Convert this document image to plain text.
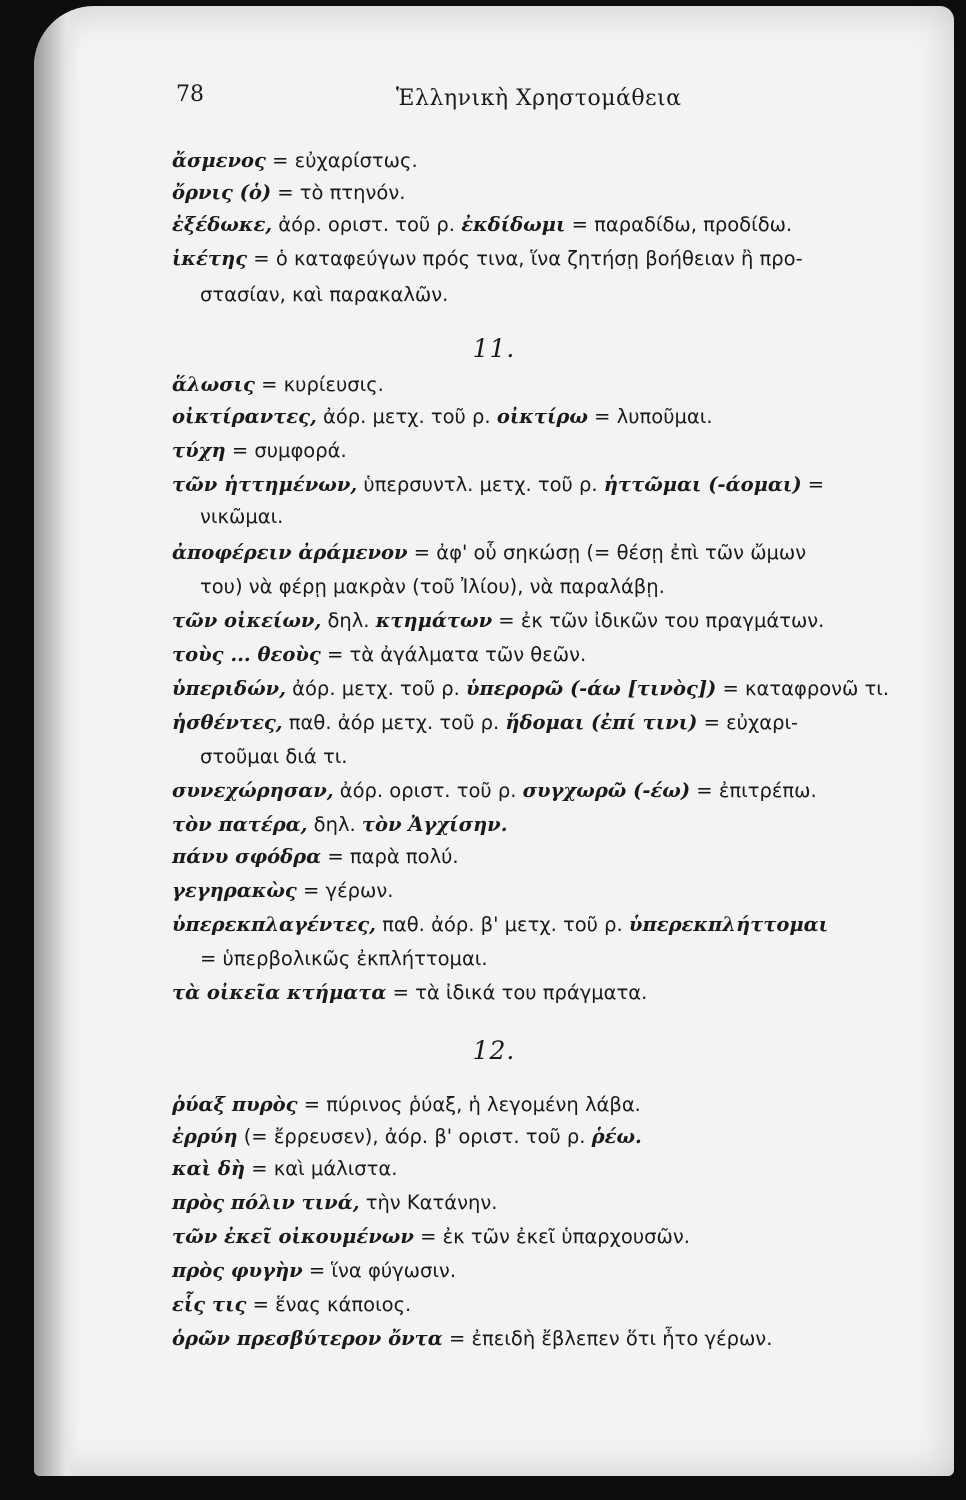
78	Ἑλληνικὴ Χρηστομάθεια
ἄσμενος = εὐχαρίστως.
ὄρνις (ὁ) = τὸ πτηνόν.
ἐξέδωκε, ἀόρ. οριστ. τοῦ ρ. ἐκδίδωμι = παραδίδω, προδίδω.
ἱκέτης = ὁ καταφεύγων πρός τινα, ἵνα ζητήσῃ βοήθειαν ἢ προ-
στασίαν, καὶ παρακαλῶν.
11.
ἅλωσις = κυρίευσις.
οἰκτίραντες, ἀόρ. μετχ. τοῦ ρ. οἰκτίρω = λυποῦμαι.
τύχη = συμφορά.
τῶν ἡττημένων, ὑπερσυντλ. μετχ. τοῦ ρ. ἡττῶμαι (-άομαι) =
νικῶμαι.
ἀποφέρειν ἀράμενον = ἀφ' οὗ σηκώσῃ (= θέσῃ ἐπὶ τῶν ὤμων
του) νὰ φέρῃ μακρὰν (τοῦ Ἰλίου), νὰ παραλάβῃ.
τῶν οἰκείων, δηλ. κτημάτων = ἐκ τῶν ἰδικῶν του πραγμάτων.
τοὺς ... θεοὺς = τὰ ἀγάλματα τῶν θεῶν.
ὑπεριδών, ἀόρ. μετχ. τοῦ ρ. ὑπερορῶ (-άω [τινὸς]) = καταφρονῶ τι.
ἡσθέντες, παθ. ἀόρ μετχ. τοῦ ρ. ἥδομαι (ἐπί τινι) = εὐχαρι-
στοῦμαι διά τι.
συνεχώρησαν, ἀόρ. οριστ. τοῦ ρ. συγχωρῶ (-έω) = ἐπιτρέπω.
τὸν πατέρα, δηλ. τὸν Ἀγχίσην.
πάνυ σφόδρα = παρὰ πολύ.
γεγηρακὼς = γέρων.
ὑπερεκπλαγέντες, παθ. ἀόρ. β' μετχ. τοῦ ρ. ὑπερεκπλήττομαι
= ὑπερβολικῶς ἐκπλήττομαι.
τὰ οἰκεῖα κτήματα = τὰ ἰδικά του πράγματα.
12.
ῥύαξ πυρὸς = πύρινος ῥύαξ, ἡ λεγομένη λάβα.
ἐρρύη (= ἔρρευσεν), ἀόρ. β' οριστ. τοῦ ρ. ῥέω.
καὶ δὴ = καὶ μάλιστα.
πρὸς πόλιν τινά, τὴν Κατάνην.
τῶν ἐκεῖ οἰκουμένων = ἐκ τῶν ἐκεῖ ὑπαρχουσῶν.
πρὸς φυγὴν = ἵνα φύγωσιν.
εἷς τις = ἕνας κάποιος.
ὁρῶν πρεσβύτερον ὄντα = ἐπειδὴ ἔβλεπεν ὅτι ἦτο γέρων.
